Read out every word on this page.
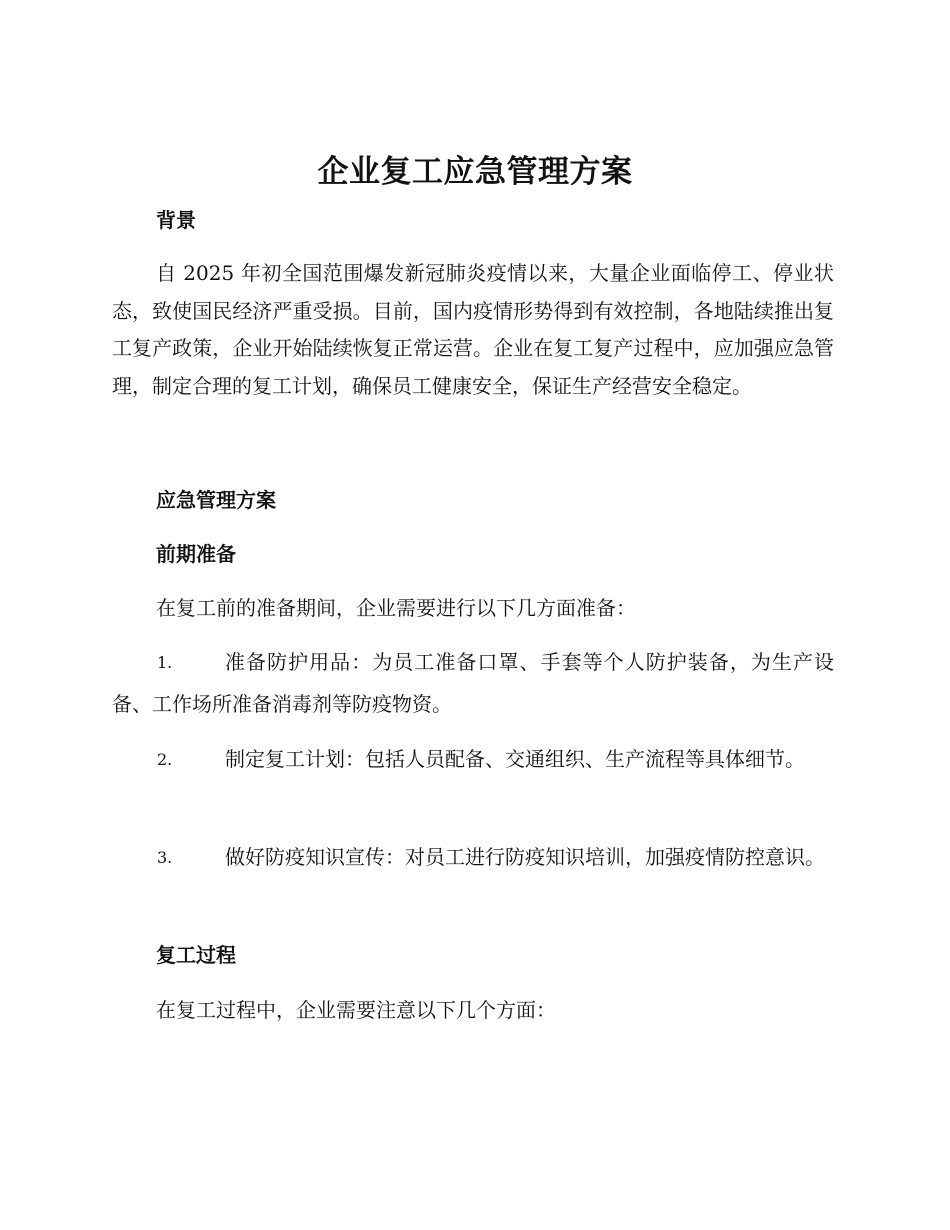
企业复工应急管理方案
背景

自 2025 年初全国范围爆发新冠肺炎疫情以来，大量企业面临停工、停业状态，致使国民经济严重受损。目前，国内疫情形势得到有效控制，各地陆续推出复工复产政策，企业开始陆续恢复正常运营。企业在复工复产过程中，应加强应急管理，制定合理的复工计划，确保员工健康安全，保证生产经营安全稳定。

应急管理方案
前期准备

在复工前的准备期间，企业需要进行以下几方面准备：

1.	准备防护用品：为员工准备口罩、手套等个人防护装备，为生产设备、工作场所准备消毒剂等防疫物资。
2.	制定复工计划：包括人员配备、交通组织、生产流程等具体细节。
3.	做好防疫知识宣传：对员工进行防疫知识培训，加强疫情防控意识。
复工过程

在复工过程中，企业需要注意以下几个方面：
